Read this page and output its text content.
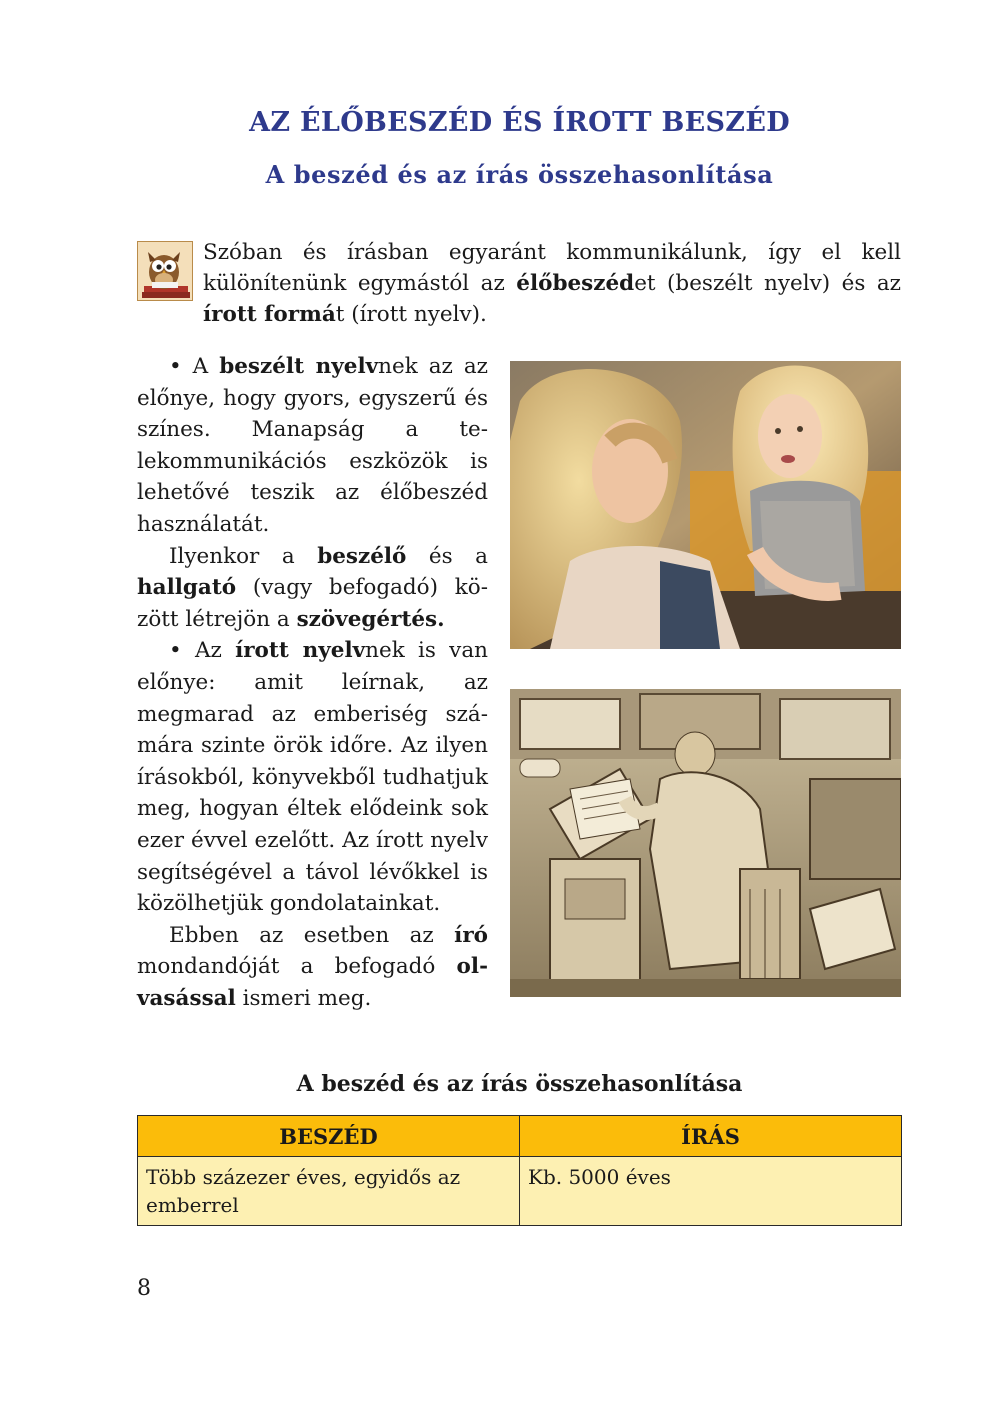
AZ ÉLŐBESZÉD ÉS ÍROTT BESZÉD
A beszéd és az írás összehasonlítása

Szóban és írásban egyaránt kommunikálunk, így el kell különítenünk egymástól az élőbeszédet (beszélt nyelv) és az írott formát (írott nyelv).

• A beszélt nyelvnek az az előnye, hogy gyors, egyszerű és színes. Manapság a telekommunikációs eszközök is lehetővé teszik az élőbeszéd használatát.

Ilyenkor a beszélő és a hallgató (vagy befogadó) között létrejön a szövegértés.

• Az írott nyelvnek is van előnye: amit leírnak, az megmarad az emberiség számára szinte örök időre. Az ilyen írásokból, könyvekből tudhatjuk meg, hogyan éltek elődeink sok ezer évvel ezelőtt. Az írott nyelv segítségével a távol lévőkkel is közölhetjük gondolatainkat.

Ebben az esetben az író mondandóját a befogadó olvasással ismeri meg.

A beszéd és az írás összehasonlítása
BESZÉD	ÍRÁS
Több százezer éves, egyidős az emberrel	Kb. 5000 éves
8
